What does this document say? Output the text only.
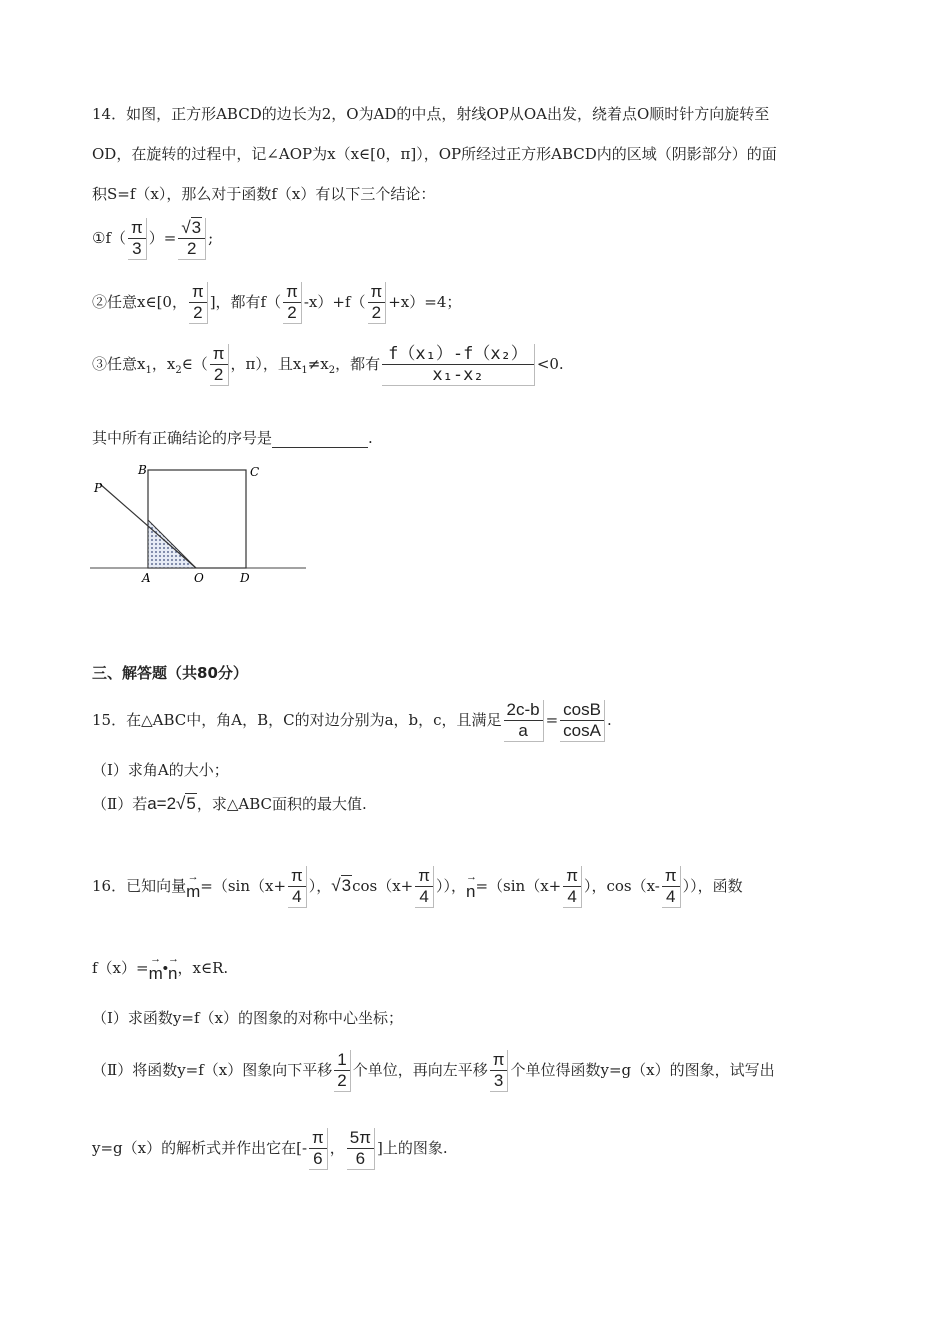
14．如图，正方形ABCD的边长为2，O为AD的中点，射线OP从OA出发，绕着点O顺时针方向旋转至
OD，在旋转的过程中，记∠AOP为x（x∈[0，π]），OP所经过正方形ABCD内的区域（阴影部分）的面
积S=f（x），那么对于函数f（x）有以下三个结论：
①f（ $\frac{\pi}{3}$ ）= $\frac{√3}{2}$ ;
②任意x∈[0， $\frac{\pi}{2}$ ]，都有$f( \frac{\pi}{2} -x)+f( \frac{\pi}{2} +x)=4$；
③任意$x_1$，$x_2\in( \frac{\pi}{2}$ ，π），且$x_1\ne x_2$，都有 $\frac{\text{f（x₁）-f（x₂）}}{\text{x₁-x₂}} <0$.
其中所有正确结论的序号是	.
P
B	C
A	O	D
三、解答题（共80分）
15．在△ABC中，角A，B，C的对边分别为a，b，c，且满足 $\frac{2c-b}{a} = \frac{\cos B}{\cos A}$ .
（Ⅰ）求角A的大小；
（Ⅱ）若a=2√5，求△ABC面积的最大值.
16．已知向量 →
$m=(\sin(x+ \frac{\pi}{4}$ ），$√3\cos(x+ \frac{\pi}{4}$ ））， →
$n=(\sin(x+ \frac{\pi}{4}$ ），$\cos(x- \frac{\pi}{4}$ ）），函数
f（x）= →
m•
→
n，x∈R.
（Ⅰ）求函数y=f（x）的图象的对称中心坐标；
（Ⅱ）将函数y=f（x）图象向下平移 $\frac{1}{2}$ 个单位，再向左平移 $\frac{\pi}{3}$ 个单位得函数y=g（x）的图象，试写出
y=g（x）的解析式并作出它在[- $\frac{\pi}{6}$ ， $\frac{5\pi}{6}$ ]上的图象.
